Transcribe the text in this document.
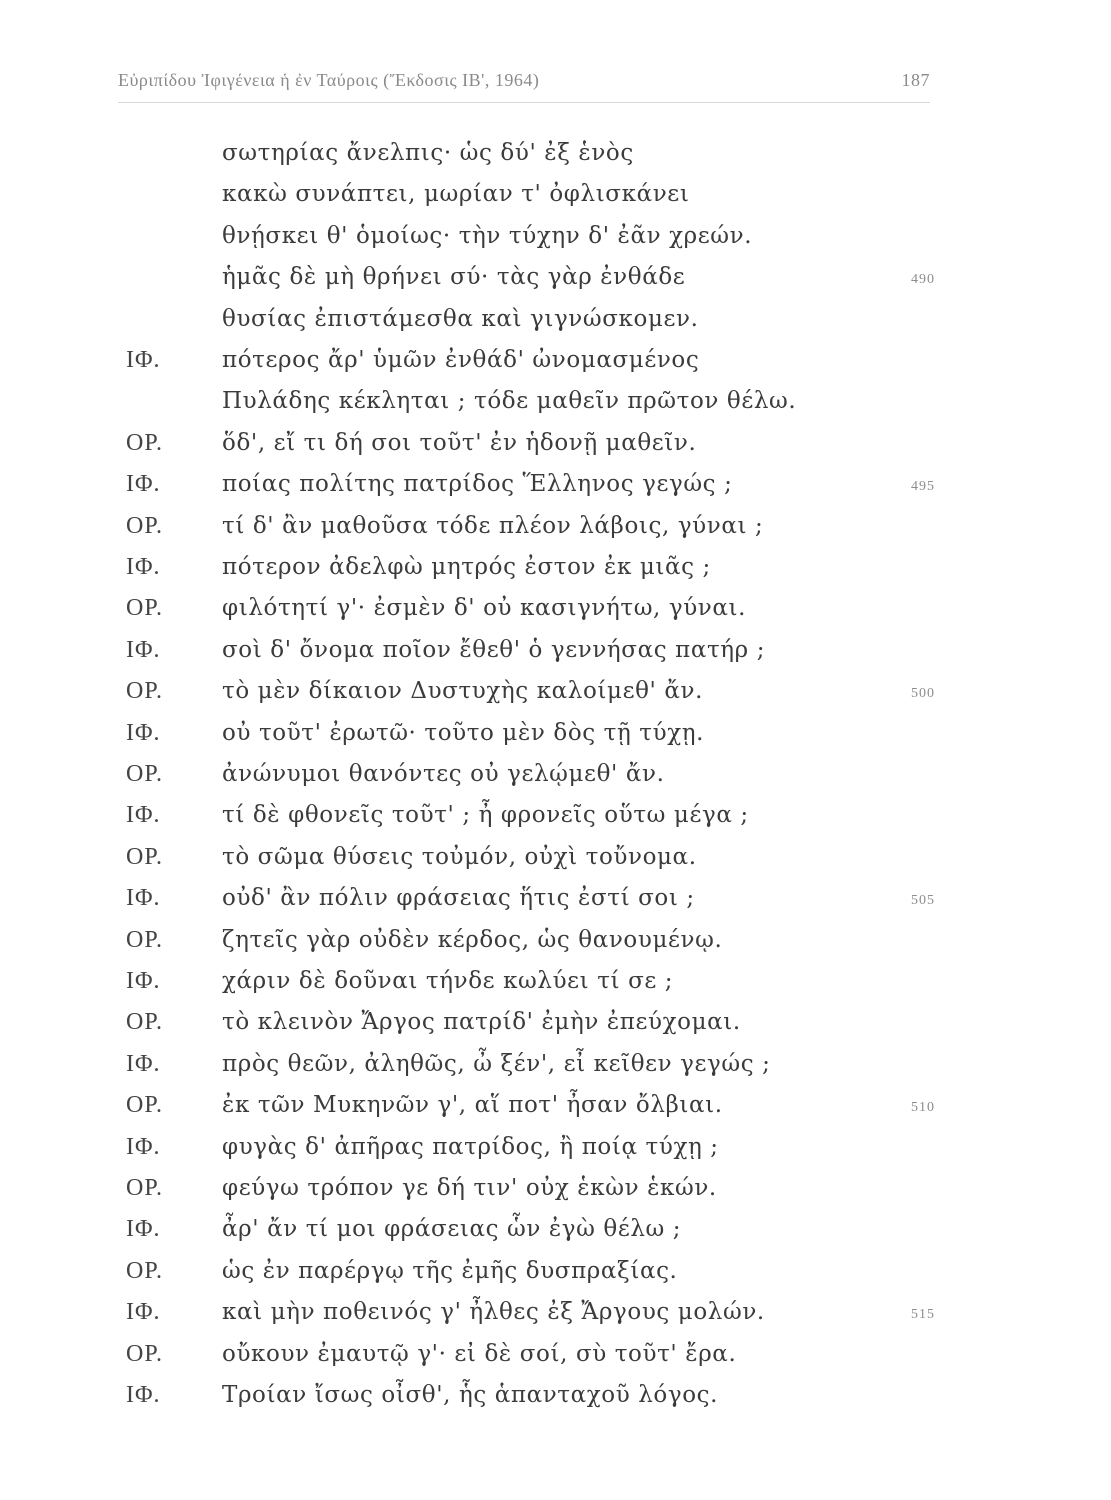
Εὐριπίδου Ἰφιγένεια ἡ ἐν Ταύροις (Ἔκδοσις ΙΒ', 1964)	187
σωτηρίας ἄνελπις· ὡς δύ' ἐξ ἑνὸς
κακὼ συνάπτει, μωρίαν τ' ὀφλισκάνει
θνῄσκει θ' ὁμοίως· τὴν τύχην δ' ἐᾶν χρεών.
ἡμᾶς δὲ μὴ θρήνει σύ· τὰς γὰρ ἐνθάδε	490
θυσίας ἐπιστάμεσθα καὶ γιγνώσκομεν.
ΙΦ.	πότερος ἄρ' ὑμῶν ἐνθάδ' ὠνομασμένος
Πυλάδης κέκληται ; τόδε μαθεῖν πρῶτον θέλω.
ΟΡ.	ὅδ', εἴ τι δή σοι τοῦτ' ἐν ἡδονῇ μαθεῖν.
ΙΦ.	ποίας πολίτης πατρίδος Ἕλληνος γεγώς ;	495
ΟΡ.	τί δ' ἂν μαθοῦσα τόδε πλέον λάβοις, γύναι ;
ΙΦ.	πότερον ἀδελφὼ μητρός ἐστον ἐκ μιᾶς ;
ΟΡ.	φιλότητί γ'· ἐσμὲν δ' οὐ κασιγνήτω, γύναι.
ΙΦ.	σοὶ δ' ὄνομα ποῖον ἔθεθ' ὁ γεννήσας πατήρ ;
ΟΡ.	τὸ μὲν δίκαιον Δυστυχὴς καλοίμεθ' ἄν.	500
ΙΦ.	οὐ τοῦτ' ἐρωτῶ· τοῦτο μὲν δὸς τῇ τύχῃ.
ΟΡ.	ἀνώνυμοι θανόντες οὐ γελῴμεθ' ἄν.
ΙΦ.	τί δὲ φθονεῖς τοῦτ' ; ἦ φρονεῖς οὕτω μέγα ;
ΟΡ.	τὸ σῶμα θύσεις τοὐμόν, οὐχὶ τοὔνομα.
ΙΦ.	οὐδ' ἂν πόλιν φράσειας ἥτις ἐστί σοι ;	505
ΟΡ.	ζητεῖς γὰρ οὐδὲν κέρδος, ὡς θανουμένῳ.
ΙΦ.	χάριν δὲ δοῦναι τήνδε κωλύει τί σε ;
ΟΡ.	τὸ κλεινὸν Ἄργος πατρίδ' ἐμὴν ἐπεύχομαι.
ΙΦ.	πρὸς θεῶν, ἀληθῶς, ὦ ξέν', εἶ κεῖθεν γεγώς ;
ΟΡ.	ἐκ τῶν Μυκηνῶν γ', αἵ ποτ' ἦσαν ὄλβιαι.	510
ΙΦ.	φυγὰς δ' ἀπῆρας πατρίδος, ἢ ποίᾳ τύχῃ ;
ΟΡ.	φεύγω τρόπον γε δή τιν' οὐχ ἑκὼν ἑκών.
ΙΦ.	ἆρ' ἄν τί μοι φράσειας ὧν ἐγὼ θέλω ;
ΟΡ.	ὡς ἐν παρέργῳ τῆς ἐμῆς δυσπραξίας.
ΙΦ.	καὶ μὴν ποθεινός γ' ἦλθες ἐξ Ἄργους μολών.	515
ΟΡ.	οὔκουν ἐμαυτῷ γ'· εἰ δὲ σοί, σὺ τοῦτ' ἔρα.
ΙΦ.	Τροίαν ἴσως οἶσθ', ἧς ἁπανταχοῦ λόγος.
